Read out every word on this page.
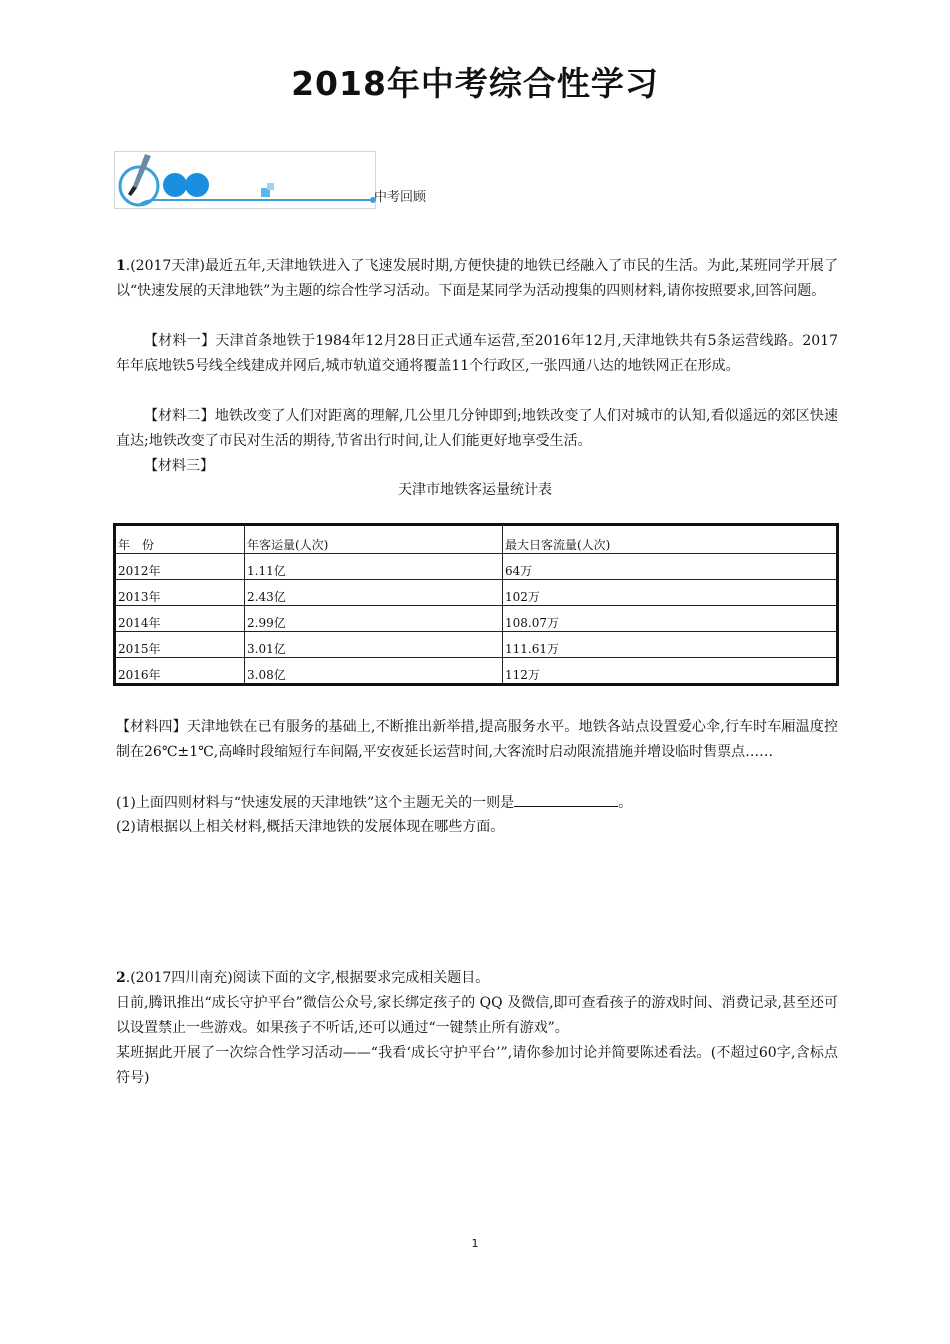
2018年中考综合性学习
中考回顾
1.(2017天津)最近五年,天津地铁进入了飞速发展时期,方便快捷的地铁已经融入了市民的生活。为此,某班同学开展了以“快速发展的天津地铁”为主题的综合性学习活动。下面是某同学为活动搜集的四则材料,请你按照要求,回答问题。
【材料一】天津首条地铁于1984年12月28日正式通车运营,至2016年12月,天津地铁共有5条运营线路。2017年年底地铁5号线全线建成并网后,城市轨道交通将覆盖11个行政区,一张四通八达的地铁网正在形成。
【材料二】地铁改变了人们对距离的理解,几公里几分钟即到;地铁改变了人们对城市的认知,看似遥远的郊区快速直达;地铁改变了市民对生活的期待,节省出行时间,让人们能更好地享受生活。
【材料三】
天津市地铁客运量统计表
年　份	年客运量(人次)	最大日客流量(人次)
2012年	1.11亿	64万
2013年	2.43亿	102万
2014年	2.99亿	108.07万
2015年	3.01亿	111.61万
2016年	3.08亿	112万
【材料四】天津地铁在已有服务的基础上,不断推出新举措,提高服务水平。地铁各站点设置爱心伞,行车时车厢温度控制在26℃±1℃,高峰时段缩短行车间隔,平安夜延长运营时间,大客流时启动限流措施并增设临时售票点……
(1)上面四则材料与“快速发展的天津地铁”这个主题无关的一则是	。
(2)请根据以上相关材料,概括天津地铁的发展体现在哪些方面。
2.(2017四川南充)阅读下面的文字,根据要求完成相关题目。
日前,腾讯推出“成长守护平台”微信公众号,家长绑定孩子的 QQ 及微信,即可查看孩子的游戏时间、消费记录,甚至还可以设置禁止一些游戏。如果孩子不听话,还可以通过“一键禁止所有游戏”。
某班据此开展了一次综合性学习活动——“我看‘成长守护平台’”,请你参加讨论并简要陈述看法。(不超过60字,含标点符号)
1
